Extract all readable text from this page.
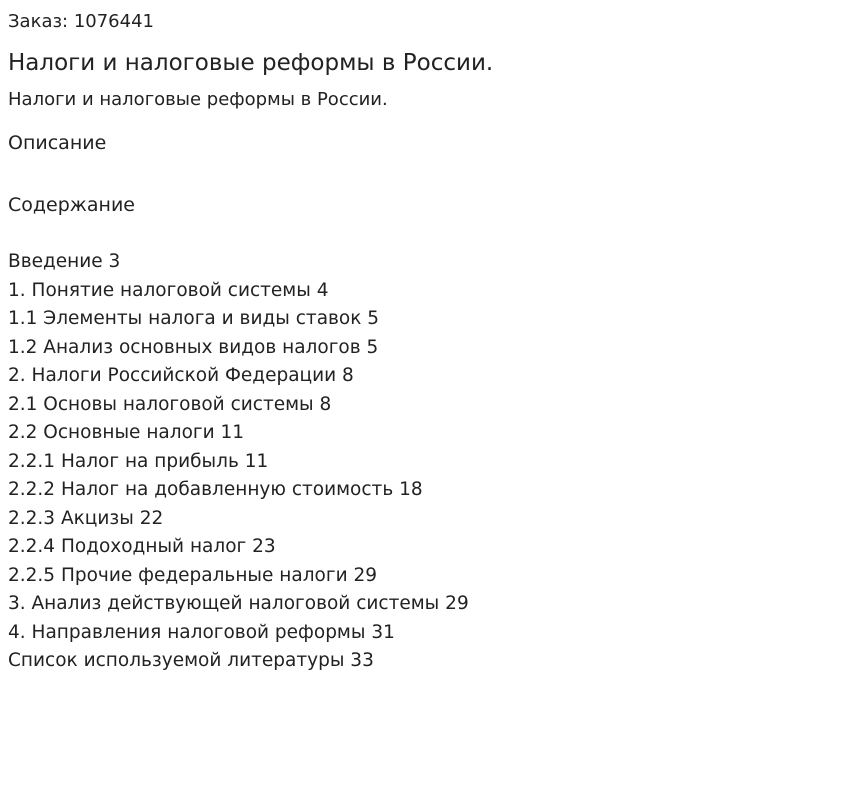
Заказ: 1076441
Налоги и налоговые реформы в России.
Налоги и налоговые реформы в России.
Описание
Содержание
Введение 3
1. Понятие налоговой системы 4
1.1 Элементы налога и виды ставок 5
1.2 Анализ основных видов налогов 5
2. Налоги Российской Федерации 8
2.1 Основы налоговой системы 8
2.2 Основные налоги 11
2.2.1 Налог на прибыль 11
2.2.2 Налог на добавленную стоимость 18
2.2.3 Акцизы 22
2.2.4 Подоходный налог 23
2.2.5 Прочие федеральные налоги 29
3. Анализ действующей налоговой системы 29
4. Направления налоговой реформы 31
Список используемой литературы 33
